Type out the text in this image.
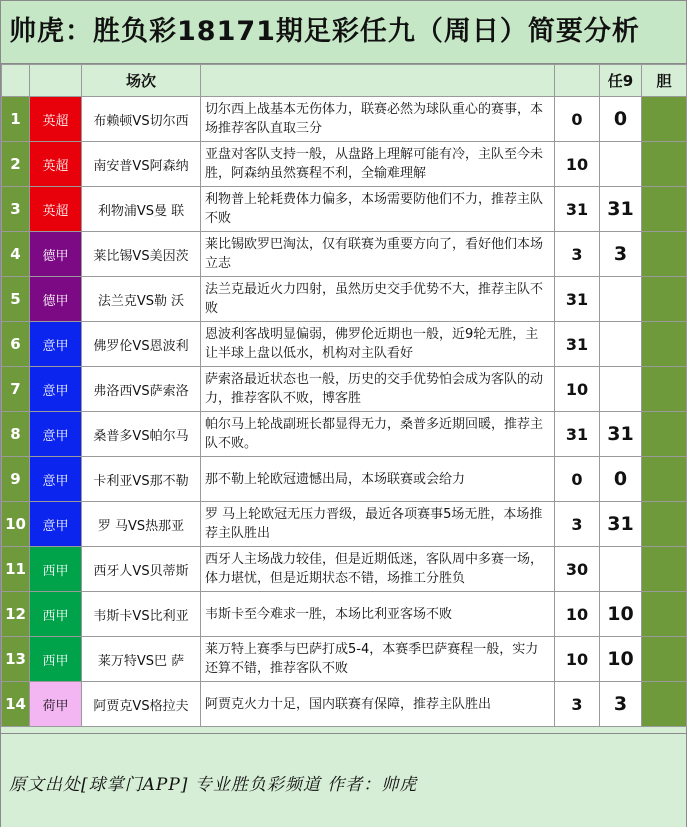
帅虎：胜负彩18171期足彩任九（周日）简要分析
		场次			任9	胆
1	英超	布赖顿VS切尔西	切尔西上战基本无伤体力，联赛必然为球队重心的赛事，本场推荐客队直取三分	0	0	
2	英超	南安普VS阿森纳	亚盘对客队支持一般，从盘路上理解可能有冷，主队至今未胜，阿森纳虽然赛程不利，全输难理解	10		
3	英超	利物浦VS曼 联	利物普上轮耗费体力偏多，本场需要防他们不力，推荐主队不败	31	31	
4	德甲	莱比锡VS美因茨	莱比锡欧罗巴淘汰，仅有联赛为重要方向了，看好他们本场立志	3	3	
5	德甲	法兰克VS勒 沃	法兰克最近火力四射，虽然历史交手优势不大，推荐主队不败	31		
6	意甲	佛罗伦VS恩波利	恩波利客战明显偏弱，佛罗伦近期也一般，近9轮无胜，主让半球上盘以低水，机构对主队看好	31		
7	意甲	弗洛西VS萨索洛	萨索洛最近状态也一般，历史的交手优势怕会成为客队的动力，推荐客队不败，博客胜	10		
8	意甲	桑普多VS帕尔马	帕尔马上轮战副班长都显得无力，桑普多近期回暖，推荐主队不败。	31	31	
9	意甲	卡利亚VS那不勒	那不勒上轮欧冠遗憾出局，本场联赛或会给力	0	0	
10	意甲	罗 马VS热那亚	罗 马上轮欧冠无压力晋级，最近各项赛事5场无胜，本场推荐主队胜出	3	31	
11	西甲	西牙人VS贝蒂斯	西牙人主场战力较佳，但是近期低迷，客队周中多赛一场，体力堪忧，但是近期状态不错，场推工分胜负	30		
12	西甲	韦斯卡VS比利亚	韦斯卡至今难求一胜，本场比利亚客场不败	10	10	
13	西甲	莱万特VS巴 萨	莱万特上赛季与巴萨打成5-4，本赛季巴萨赛程一般，实力还算不错，推荐客队不败	10	10	
14	荷甲	阿贾克VS格拉夫	阿贾克火力十足，国内联赛有保障，推荐主队胜出	3	3	
原文出处[球掌门APP] 专业胜负彩频道 作者：帅虎
